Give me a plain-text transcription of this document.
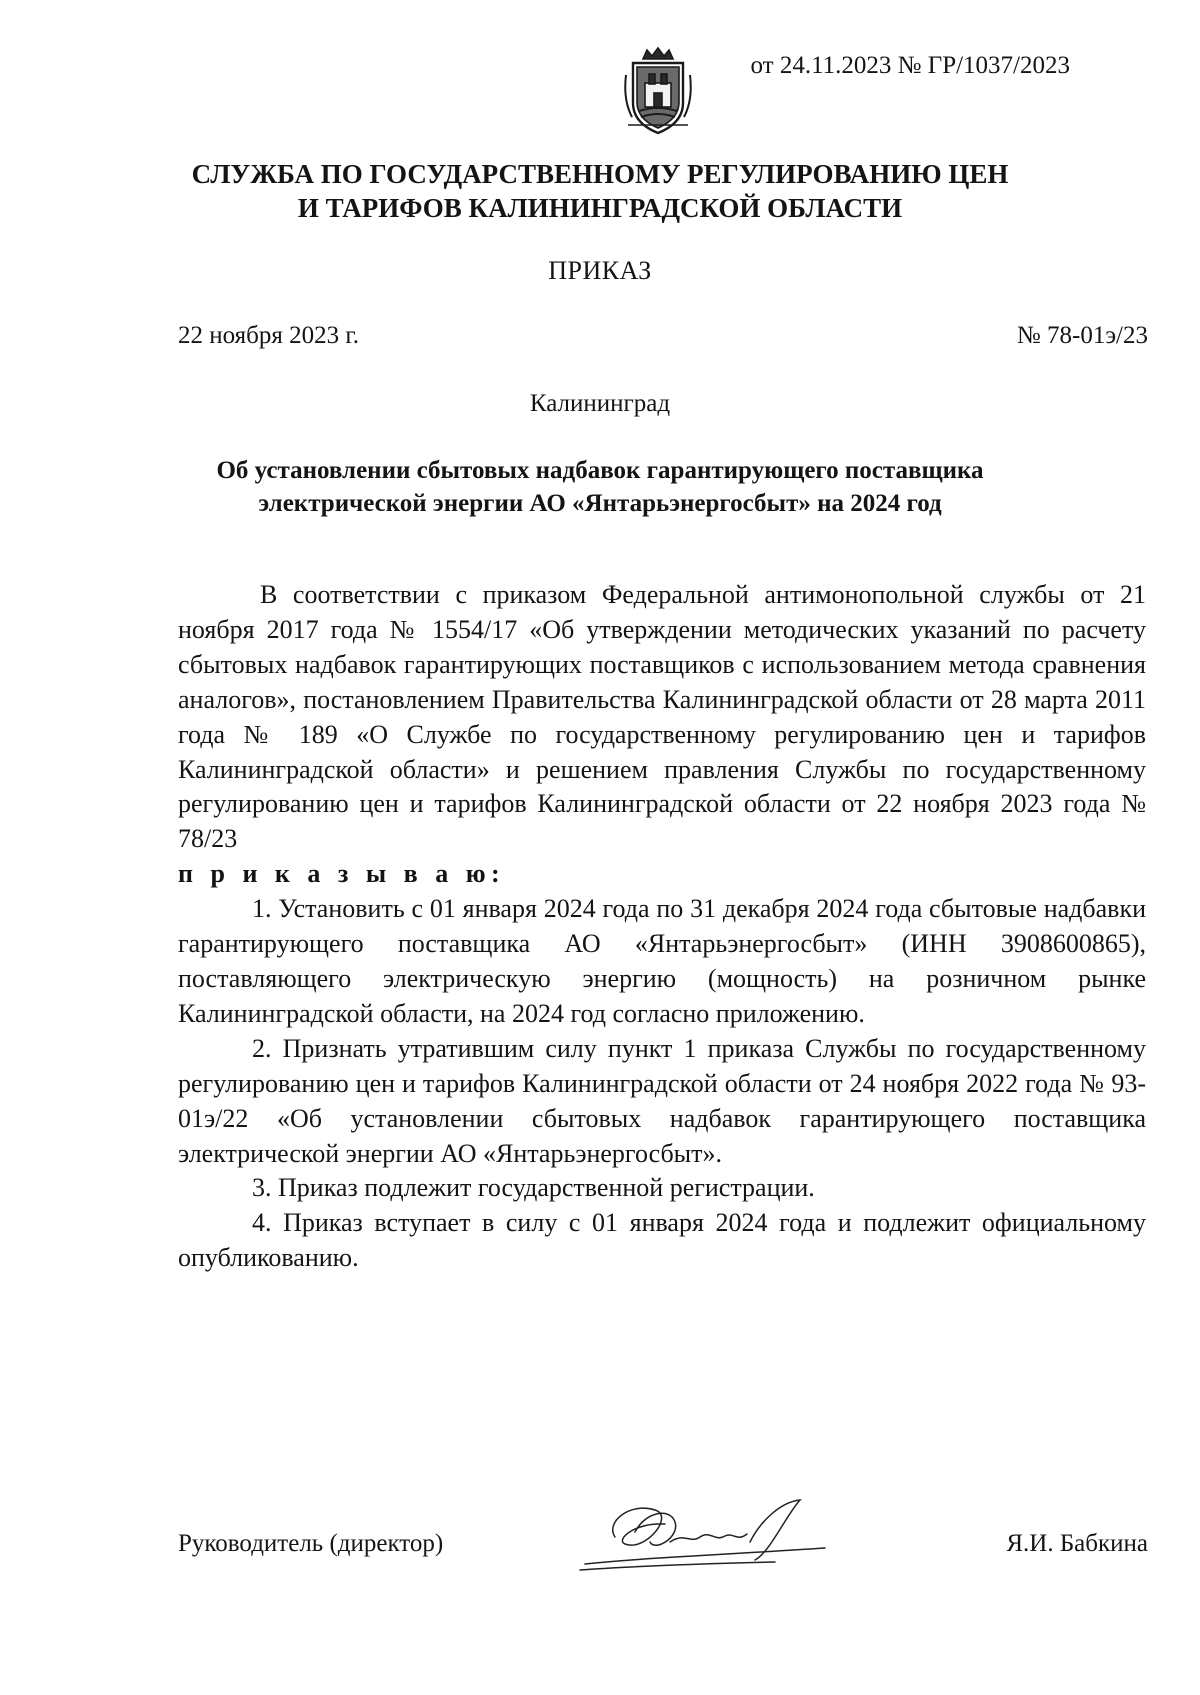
от 24.11.2023 № ГР/1037/2023
СЛУЖБА ПО ГОСУДАРСТВЕННОМУ РЕГУЛИРОВАНИЮ ЦЕН
И ТАРИФОВ КАЛИНИНГРАДСКОЙ ОБЛАСТИ
ПРИКАЗ
22 ноября 2023 г.	№ 78-01э/23
Калининград
Об установлении сбытовых надбавок гарантирующего поставщика
электрической энергии АО «Янтарьэнергосбыт» на 2024 год

В соответствии с приказом Федеральной антимонопольной службы от 21 ноября 2017 года № 1554/17 «Об утверждении методических указаний по расчету сбытовых надбавок гарантирующих поставщиков с использованием метода сравнения аналогов», постановлением Правительства Калининградской области от 28 марта 2011 года № 189 «О Службе по государственному регулированию цен и тарифов Калининградской области» и решением правления Службы по государственному регулированию цен и тарифов Калининградской области от 22 ноября 2023 года № 78/23

п р и к а з ы в а ю:

1. Установить с 01 января 2024 года по 31 декабря 2024 года сбытовые надбавки гарантирующего поставщика АО «Янтарьэнергосбыт» (ИНН 3908600865), поставляющего электрическую энергию (мощность) на розничном рынке Калининградской области, на 2024 год согласно приложению.

2. Признать утратившим силу пункт 1 приказа Службы по государственному регулированию цен и тарифов Калининградской области от 24 ноября 2022 года № 93-01э/22 «Об установлении сбытовых надбавок гарантирующего поставщика электрической энергии АО «Янтарьэнергосбыт».

3. Приказ подлежит государственной регистрации.

4. Приказ вступает в силу с 01 января 2024 года и подлежит официальному опубликованию.

Руководитель (директор)	Я.И. Бабкина
